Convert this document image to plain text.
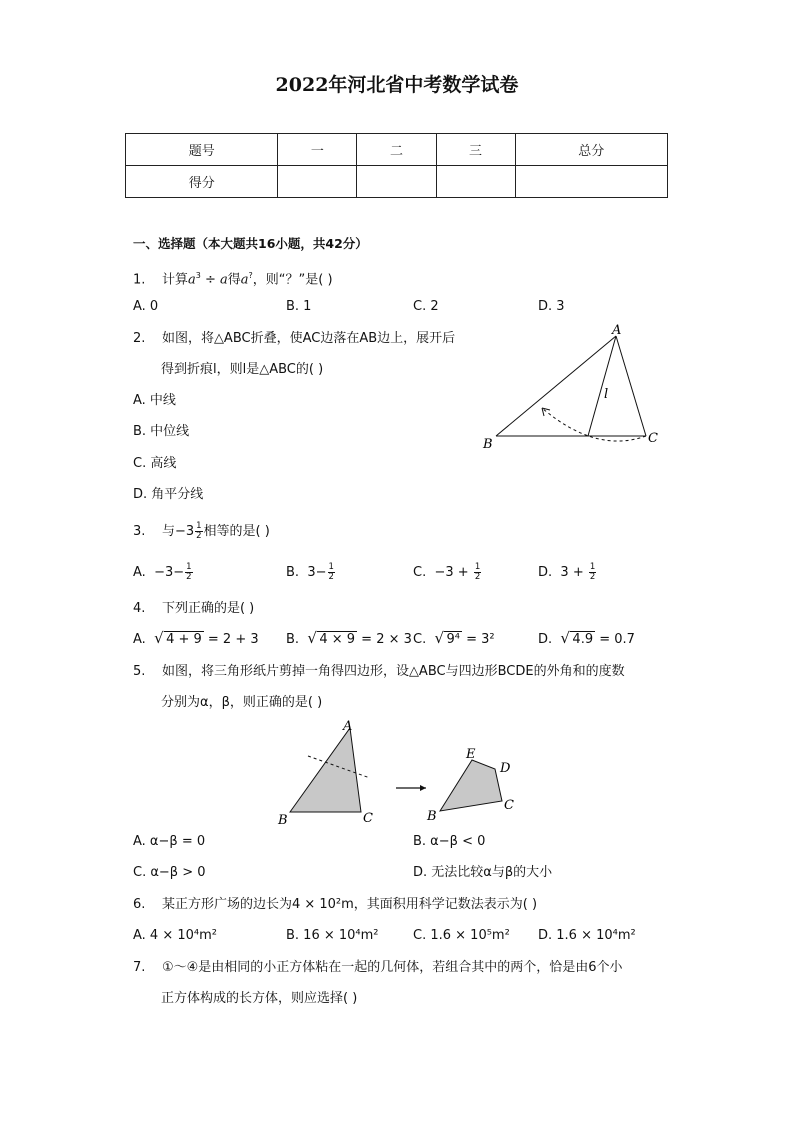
2022年河北省中考数学试卷
题号	一	二	三	总分
得分				
一、选择题（本大题共16小题，共42分）
1. 计算$a^3 \div a$得a?，则“？”是( )
A. 0	B. 1	C. 2	D. 3
2. 如图，将△ABC折叠，使AC边落在AB边上，展开后
得到折痕l，则l是△ABC的( )
A. 中线
B. 中位线
C. 高线
D. 角平分线
A
B	C
l
3. 与$-3 \frac{1}{2}$ 相等的是( )
A. $-3- \frac{1}{2}$	B. $3- \frac{1}{2}$	C. $-3 + \frac{1}{2}$	D. $3 + \frac{1}{2}$
4. 下列正确的是( )
A. √ 4 + 9 = 2 + 3 B. √ 4 × 9 = 2 × 3 C. √ 9⁴ = 3²	D. √ 4.9 = 0.7
5. 如图，将三角形纸片剪掉一角得四边形，设△ABC与四边形BCDE的外角和的度数
分别为α，β，则正确的是( )
A
B	C
E
D
C
B
A. α−β = 0	B. α−β < 0
C. α−β > 0	D. 无法比较α与β的大小
6. 某正方形广场的边长为4 × 10²m，其面积用科学记数法表示为( )
A. 4 × 10⁴m²	B. 16 × 10⁴m²	C. 1.6 × 10⁵m² D. 1.6 × 10⁴m²
7. ①～④是由相同的小正方体粘在一起的几何体，若组合其中的两个，恰是由6个小
正方体构成的长方体，则应选择( )
